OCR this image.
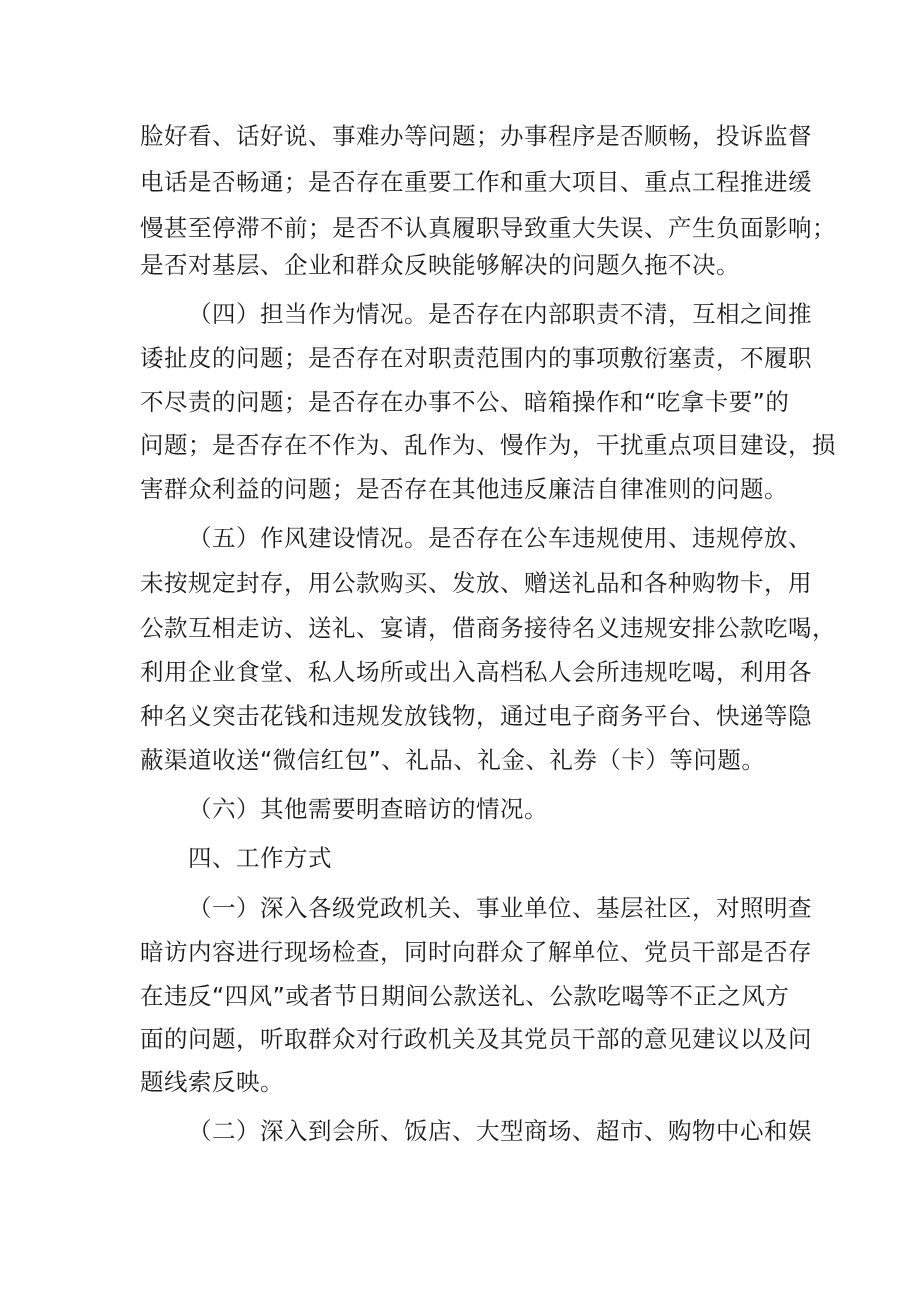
脸好看、话好说、事难办等问题；办事程序是否顺畅，投诉监督
电话是否畅通；是否存在重要工作和重大项目、重点工程推进缓
慢甚至停滞不前；是否不认真履职导致重大失误、产生负面影响；
是否对基层、企业和群众反映能够解决的问题久拖不决。
（四）担当作为情况。是否存在内部职责不清，互相之间推
诿扯皮的问题；是否存在对职责范围内的事项敷衍塞责，不履职
不尽责的问题；是否存在办事不公、暗箱操作和“吃拿卡要”的
问题；是否存在不作为、乱作为、慢作为，干扰重点项目建设，损
害群众利益的问题；是否存在其他违反廉洁自律准则的问题。
（五）作风建设情况。是否存在公车违规使用、违规停放、
未按规定封存，用公款购买、发放、赠送礼品和各种购物卡，用
公款互相走访、送礼、宴请，借商务接待名义违规安排公款吃喝，
利用企业食堂、私人场所或出入高档私人会所违规吃喝，利用各
种名义突击花钱和违规发放钱物，通过电子商务平台、快递等隐
蔽渠道收送“微信红包”、礼品、礼金、礼券（卡）等问题。
（六）其他需要明查暗访的情况。
四、工作方式
（一）深入各级党政机关、事业单位、基层社区，对照明查
暗访内容进行现场检查，同时向群众了解单位、党员干部是否存
在违反“四风”或者节日期间公款送礼、公款吃喝等不正之风方
面的问题，听取群众对行政机关及其党员干部的意见建议以及问
题线索反映。
（二）深入到会所、饭店、大型商场、超市、购物中心和娱
